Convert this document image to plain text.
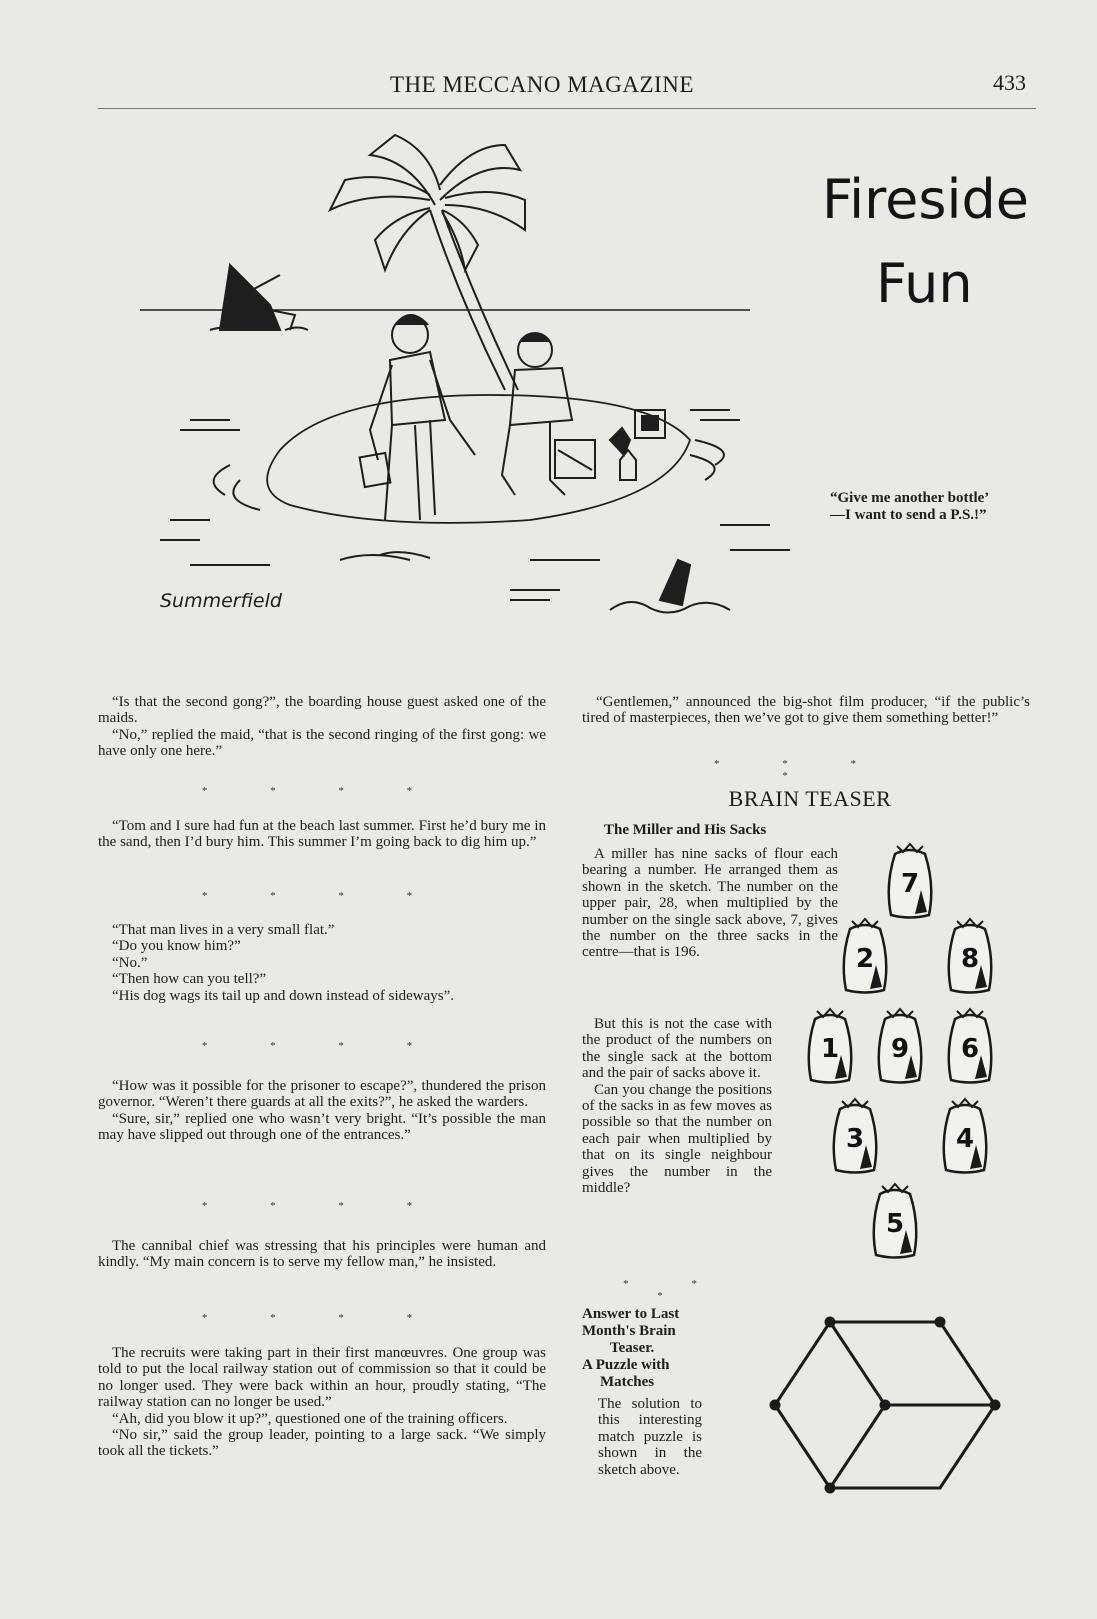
THE MECCANO MAGAZINE	433
Fireside
Fun
Summerfield
“Give me another bottle’
—I want to send a P.S.!”

“Is that the second gong?”, the boarding house guest asked one of the maids.

“No,” replied the maid, “that is the second ringing of the first gong: we have only one here.”

* * * *

“Tom and I sure had fun at the beach last summer. First he’d bury me in the sand, then I’d bury him. This summer I’m going back to dig him up.”

* * * *

“That man lives in a very small flat.”

“Do you know him?”

“No.”

“Then how can you tell?”

“His dog wags its tail up and down instead of sideways”.

* * * *

“How was it possible for the prisoner to escape?”, thundered the prison governor. “Weren’t there guards at all the exits?”, he asked the warders.

“Sure, sir,” replied one who wasn’t very bright. “It’s possible the man may have slipped out through one of the entrances.”

* * * *

The cannibal chief was stressing that his principles were human and kindly. “My main concern is to serve my fellow man,” he insisted.

* * * *

The recruits were taking part in their first manœuvres. One group was told to put the local railway station out of commission so that it could be no longer used. They were back within an hour, proudly stating, “The railway station can no longer be used.”

“Ah, did you blow it up?”, questioned one of the training officers.

“No sir,” said the group leader, pointing to a large sack. “We simply took all the tickets.”

“Gentlemen,” announced the big-shot film producer, “if the public’s tired of masterpieces, then we’ve got to give them something better!”

* * * *
BRAIN TEASER
The Miller and His Sacks

A miller has nine sacks of flour each bearing a number. He arranged them as shown in the sketch. The number on the upper pair, 28, when multiplied by the number on the single sack above, 7, gives the number on the three sacks in the centre—that is 196.

But this is not the case with the product of the numbers on the single sack at the bottom and the pair of sacks above it.

Can you change the positions of the sacks in as few moves as possible so that the number on each pair when multiplied by that on its single neighbour gives the number in the middle?

7
2	8
1 9 6
3	4
5
* * *
Answer to Last
Month's Brain
Teaser.
A Puzzle with
Matches
The solution to this interesting match puzzle is shown in the sketch above.
